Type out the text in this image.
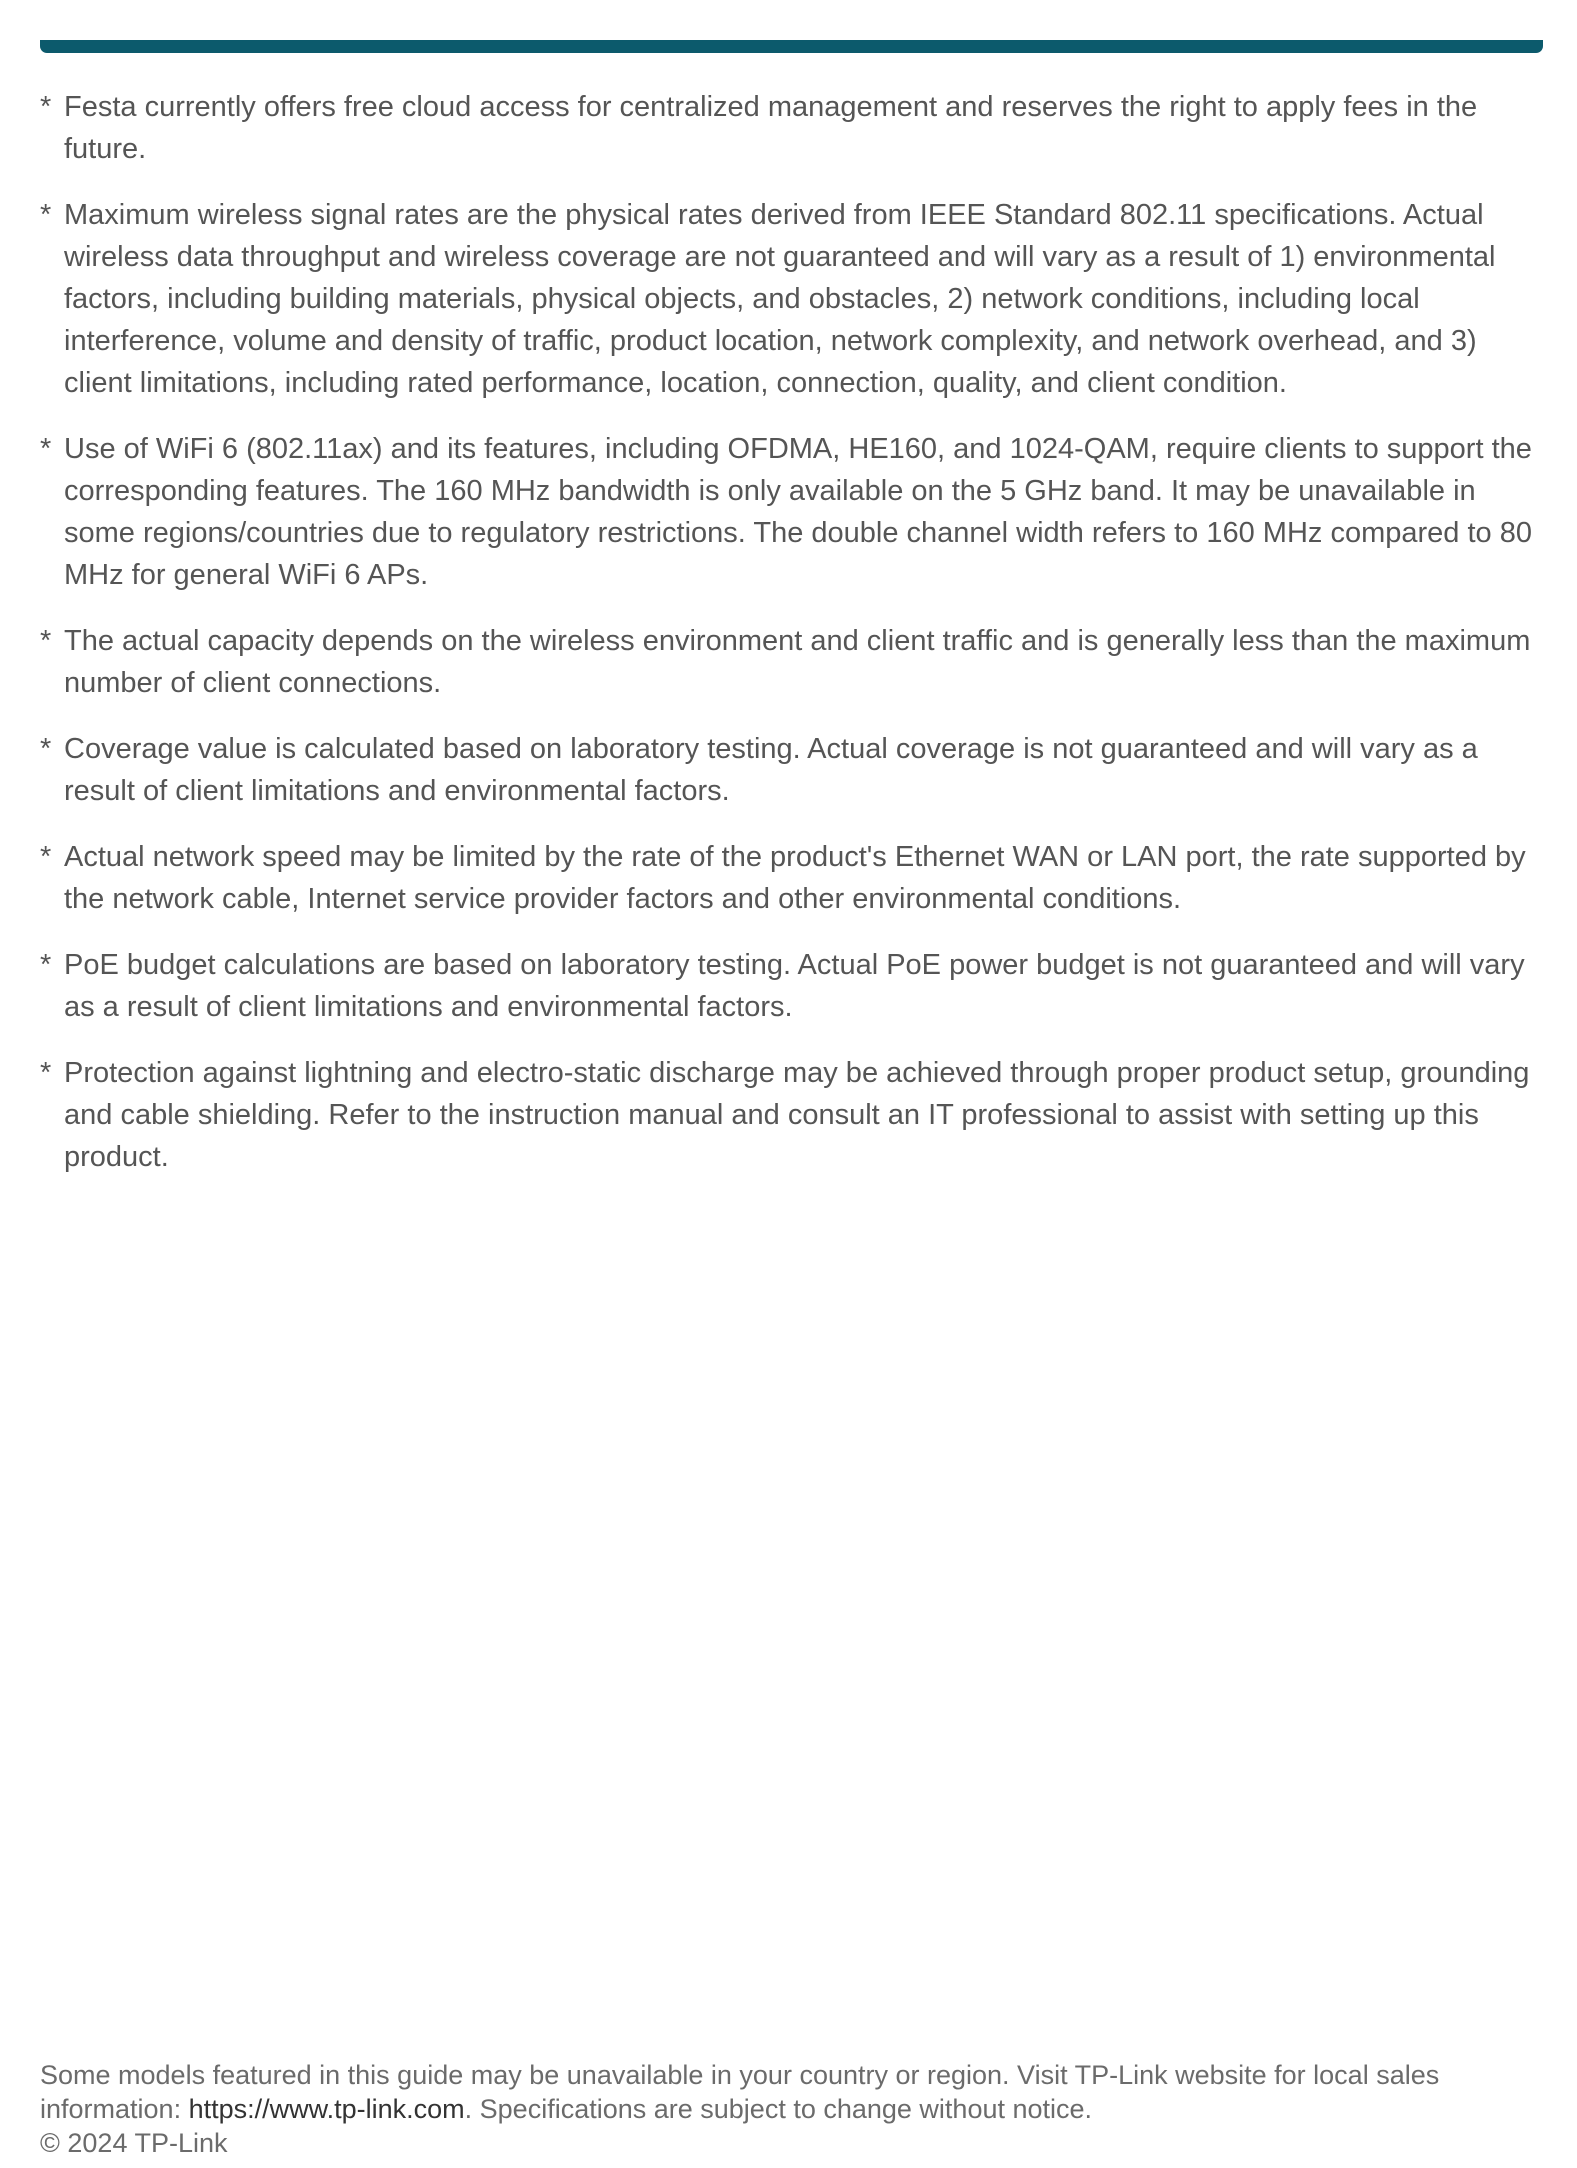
* Festa currently offers free cloud access for centralized management and reserves the right to apply fees in the future.
* Maximum wireless signal rates are the physical rates derived from IEEE Standard 802.11 specifications. Actual wireless data throughput and wireless coverage are not guaranteed and will vary as a result of 1) environmental factors, including building materials, physical objects, and obstacles, 2) network conditions, including local interference, volume and density of traffic, product location, network complexity, and network overhead, and 3) client limitations, including rated performance, location, connection, quality, and client condition.
* Use of WiFi 6 (802.11ax) and its features, including OFDMA, HE160, and 1024-QAM, require clients to support the corresponding features. The 160 MHz bandwidth is only available on the 5 GHz band. It may be unavailable in some regions/countries due to regulatory restrictions. The double channel width refers to 160 MHz compared to 80 MHz for general WiFi 6 APs.
* The actual capacity depends on the wireless environment and client traffic and is generally less than the maximum number of client connections.
* Coverage value is calculated based on laboratory testing. Actual coverage is not guaranteed and will vary as a result of client limitations and environmental factors.
* Actual network speed may be limited by the rate of the product's Ethernet WAN or LAN port, the rate supported by the network cable, Internet service provider factors and other environmental conditions.
* PoE budget calculations are based on laboratory testing. Actual PoE power budget is not guaranteed and will vary as a result of client limitations and environmental factors.
* Protection against lightning and electro-static discharge may be achieved through proper product setup, grounding and cable shielding. Refer to the instruction manual and consult an IT professional to assist with setting up this product.
Some models featured in this guide may be unavailable in your country or region. Visit TP-Link website for local sales information: https://www.tp-link.com. Specifications are subject to change without notice.
© 2024 TP-Link
